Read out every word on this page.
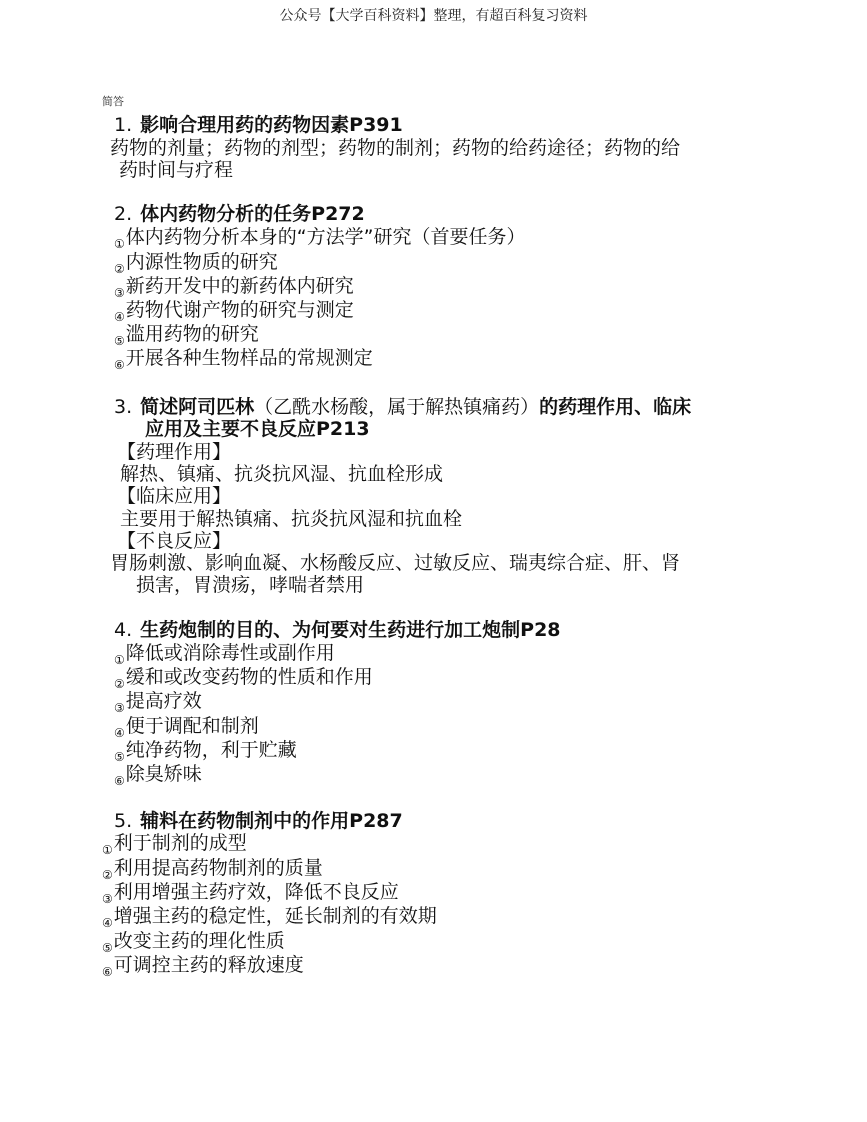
公众号【大学百科资料】整理，有超百科复习资料
简答
1. 影响合理用药的药物因素P391
药物的剂量；药物的剂型；药物的制剂；药物的给药途径；药物的给
药时间与疗程
2. 体内药物分析的任务P272
①体内药物分析本身的“方法学”研究（首要任务）
②内源性物质的研究
③新药开发中的新药体内研究
④药物代谢产物的研究与测定
⑤滥用药物的研究
⑥开展各种生物样品的常规测定
3. 简述阿司匹林（乙酰水杨酸，属于解热镇痛药）的药理作用、临床
应用及主要不良反应P213
【药理作用】
解热、镇痛、抗炎抗风湿、抗血栓形成
【临床应用】
主要用于解热镇痛、抗炎抗风湿和抗血栓
【不良反应】
胃肠刺激、影响血凝、水杨酸反应、过敏反应、瑞夷综合症、肝、肾
损害，胃溃疡，哮喘者禁用
4. 生药炮制的目的、为何要对生药进行加工炮制P28
①降低或消除毒性或副作用
②缓和或改变药物的性质和作用
③提高疗效
④便于调配和制剂
⑤纯净药物，利于贮藏
⑥除臭矫味
5. 辅料在药物制剂中的作用P287
①利于制剂的成型
②利用提高药物制剂的质量
③利用增强主药疗效，降低不良反应
④增强主药的稳定性，延长制剂的有效期
⑤改变主药的理化性质
⑥可调控主药的释放速度
